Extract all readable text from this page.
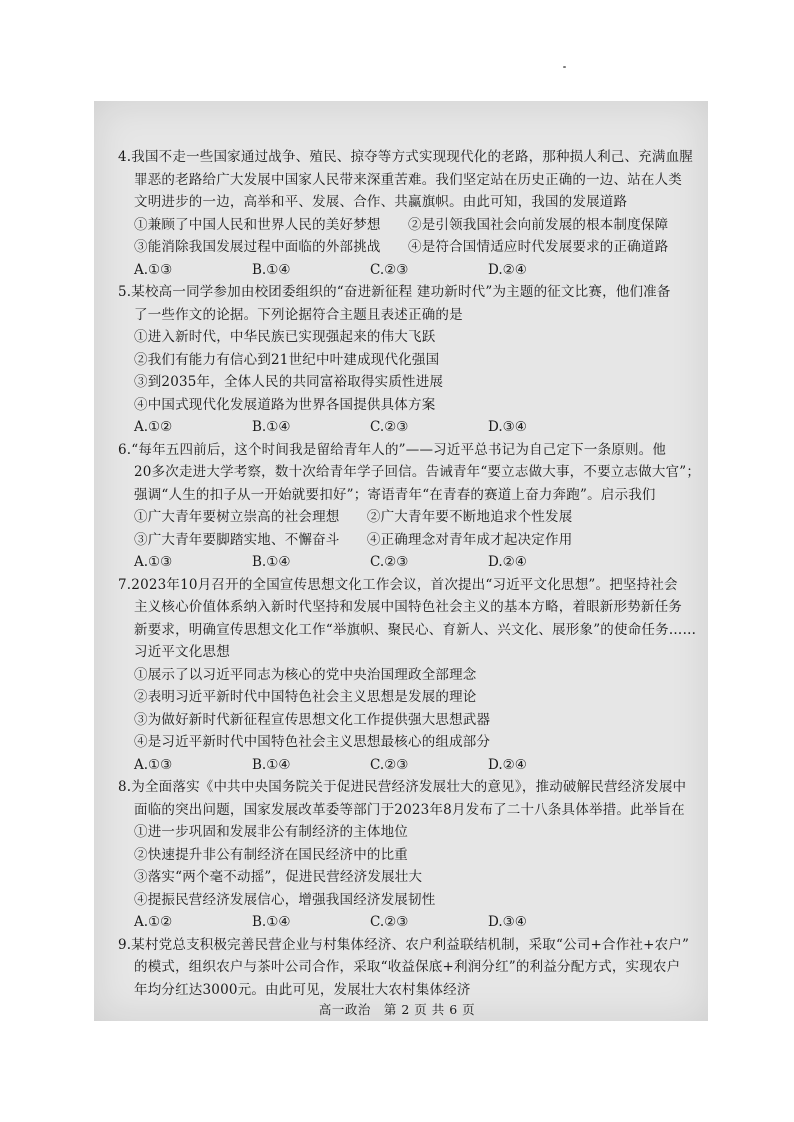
4.我国不走一些国家通过战争、殖民、掠夺等方式实现现代化的老路，那种损人利己、充满血腥
罪恶的老路给广大发展中国家人民带来深重苦难。我们坚定站在历史正确的一边、站在人类
文明进步的一边，高举和平、发展、合作、共赢旗帜。由此可知，我国的发展道路
①兼顾了中国人民和世界人民的美好梦想　　②是引领我国社会向前发展的根本制度保障
③能消除我国发展过程中面临的外部挑战　　④是符合国情适应时代发展要求的正确道路
A.①③	B.①④	C.②③	D.②④
5.某校高一同学参加由校团委组织的“奋进新征程 建功新时代”为主题的征文比赛，他们准备
了一些作文的论据。下列论据符合主题且表述正确的是
①进入新时代，中华民族已实现强起来的伟大飞跃
②我们有能力有信心到21世纪中叶建成现代化强国
③到2035年，全体人民的共同富裕取得实质性进展
④中国式现代化发展道路为世界各国提供具体方案
A.①②	B.①④	C.②③	D.③④
6.“每年五四前后，这个时间我是留给青年人的”——习近平总书记为自己定下一条原则。他
20多次走进大学考察，数十次给青年学子回信。告诫青年“要立志做大事，不要立志做大官”；
强调“人生的扣子从一开始就要扣好”；寄语青年“在青春的赛道上奋力奔跑”。启示我们
①广大青年要树立崇高的社会理想　　②广大青年要不断地追求个性发展
③广大青年要脚踏实地、不懈奋斗　　④正确理念对青年成才起决定作用
A.①③	B.①④	C.②③	D.②④
7.2023年10月召开的全国宣传思想文化工作会议，首次提出“习近平文化思想”。把坚持社会
主义核心价值体系纳入新时代坚持和发展中国特色社会主义的基本方略，着眼新形势新任务
新要求，明确宣传思想文化工作“举旗帜、聚民心、育新人、兴文化、展形象”的使命任务……
习近平文化思想
①展示了以习近平同志为核心的党中央治国理政全部理念
②表明习近平新时代中国特色社会主义思想是发展的理论
③为做好新时代新征程宣传思想文化工作提供强大思想武器
④是习近平新时代中国特色社会主义思想最核心的组成部分
A.①③	B.①④	C.②③	D.②④
8.为全面落实《中共中央国务院关于促进民营经济发展壮大的意见》，推动破解民营经济发展中
面临的突出问题，国家发展改革委等部门于2023年8月发布了二十八条具体举措。此举旨在
①进一步巩固和发展非公有制经济的主体地位
②快速提升非公有制经济在国民经济中的比重
③落实“两个毫不动摇”，促进民营经济发展壮大
④提振民营经济发展信心，增强我国经济发展韧性
A.①②	B.①④	C.②③	D.③④
9.某村党总支积极完善民营企业与村集体经济、农户利益联结机制，采取“公司+合作社+农户”
的模式，组织农户与茶叶公司合作，采取“收益保底+利润分红”的利益分配方式，实现农户
年均分红达3000元。由此可见，发展壮大农村集体经济
高一政治　第 2 页 共 6 页
